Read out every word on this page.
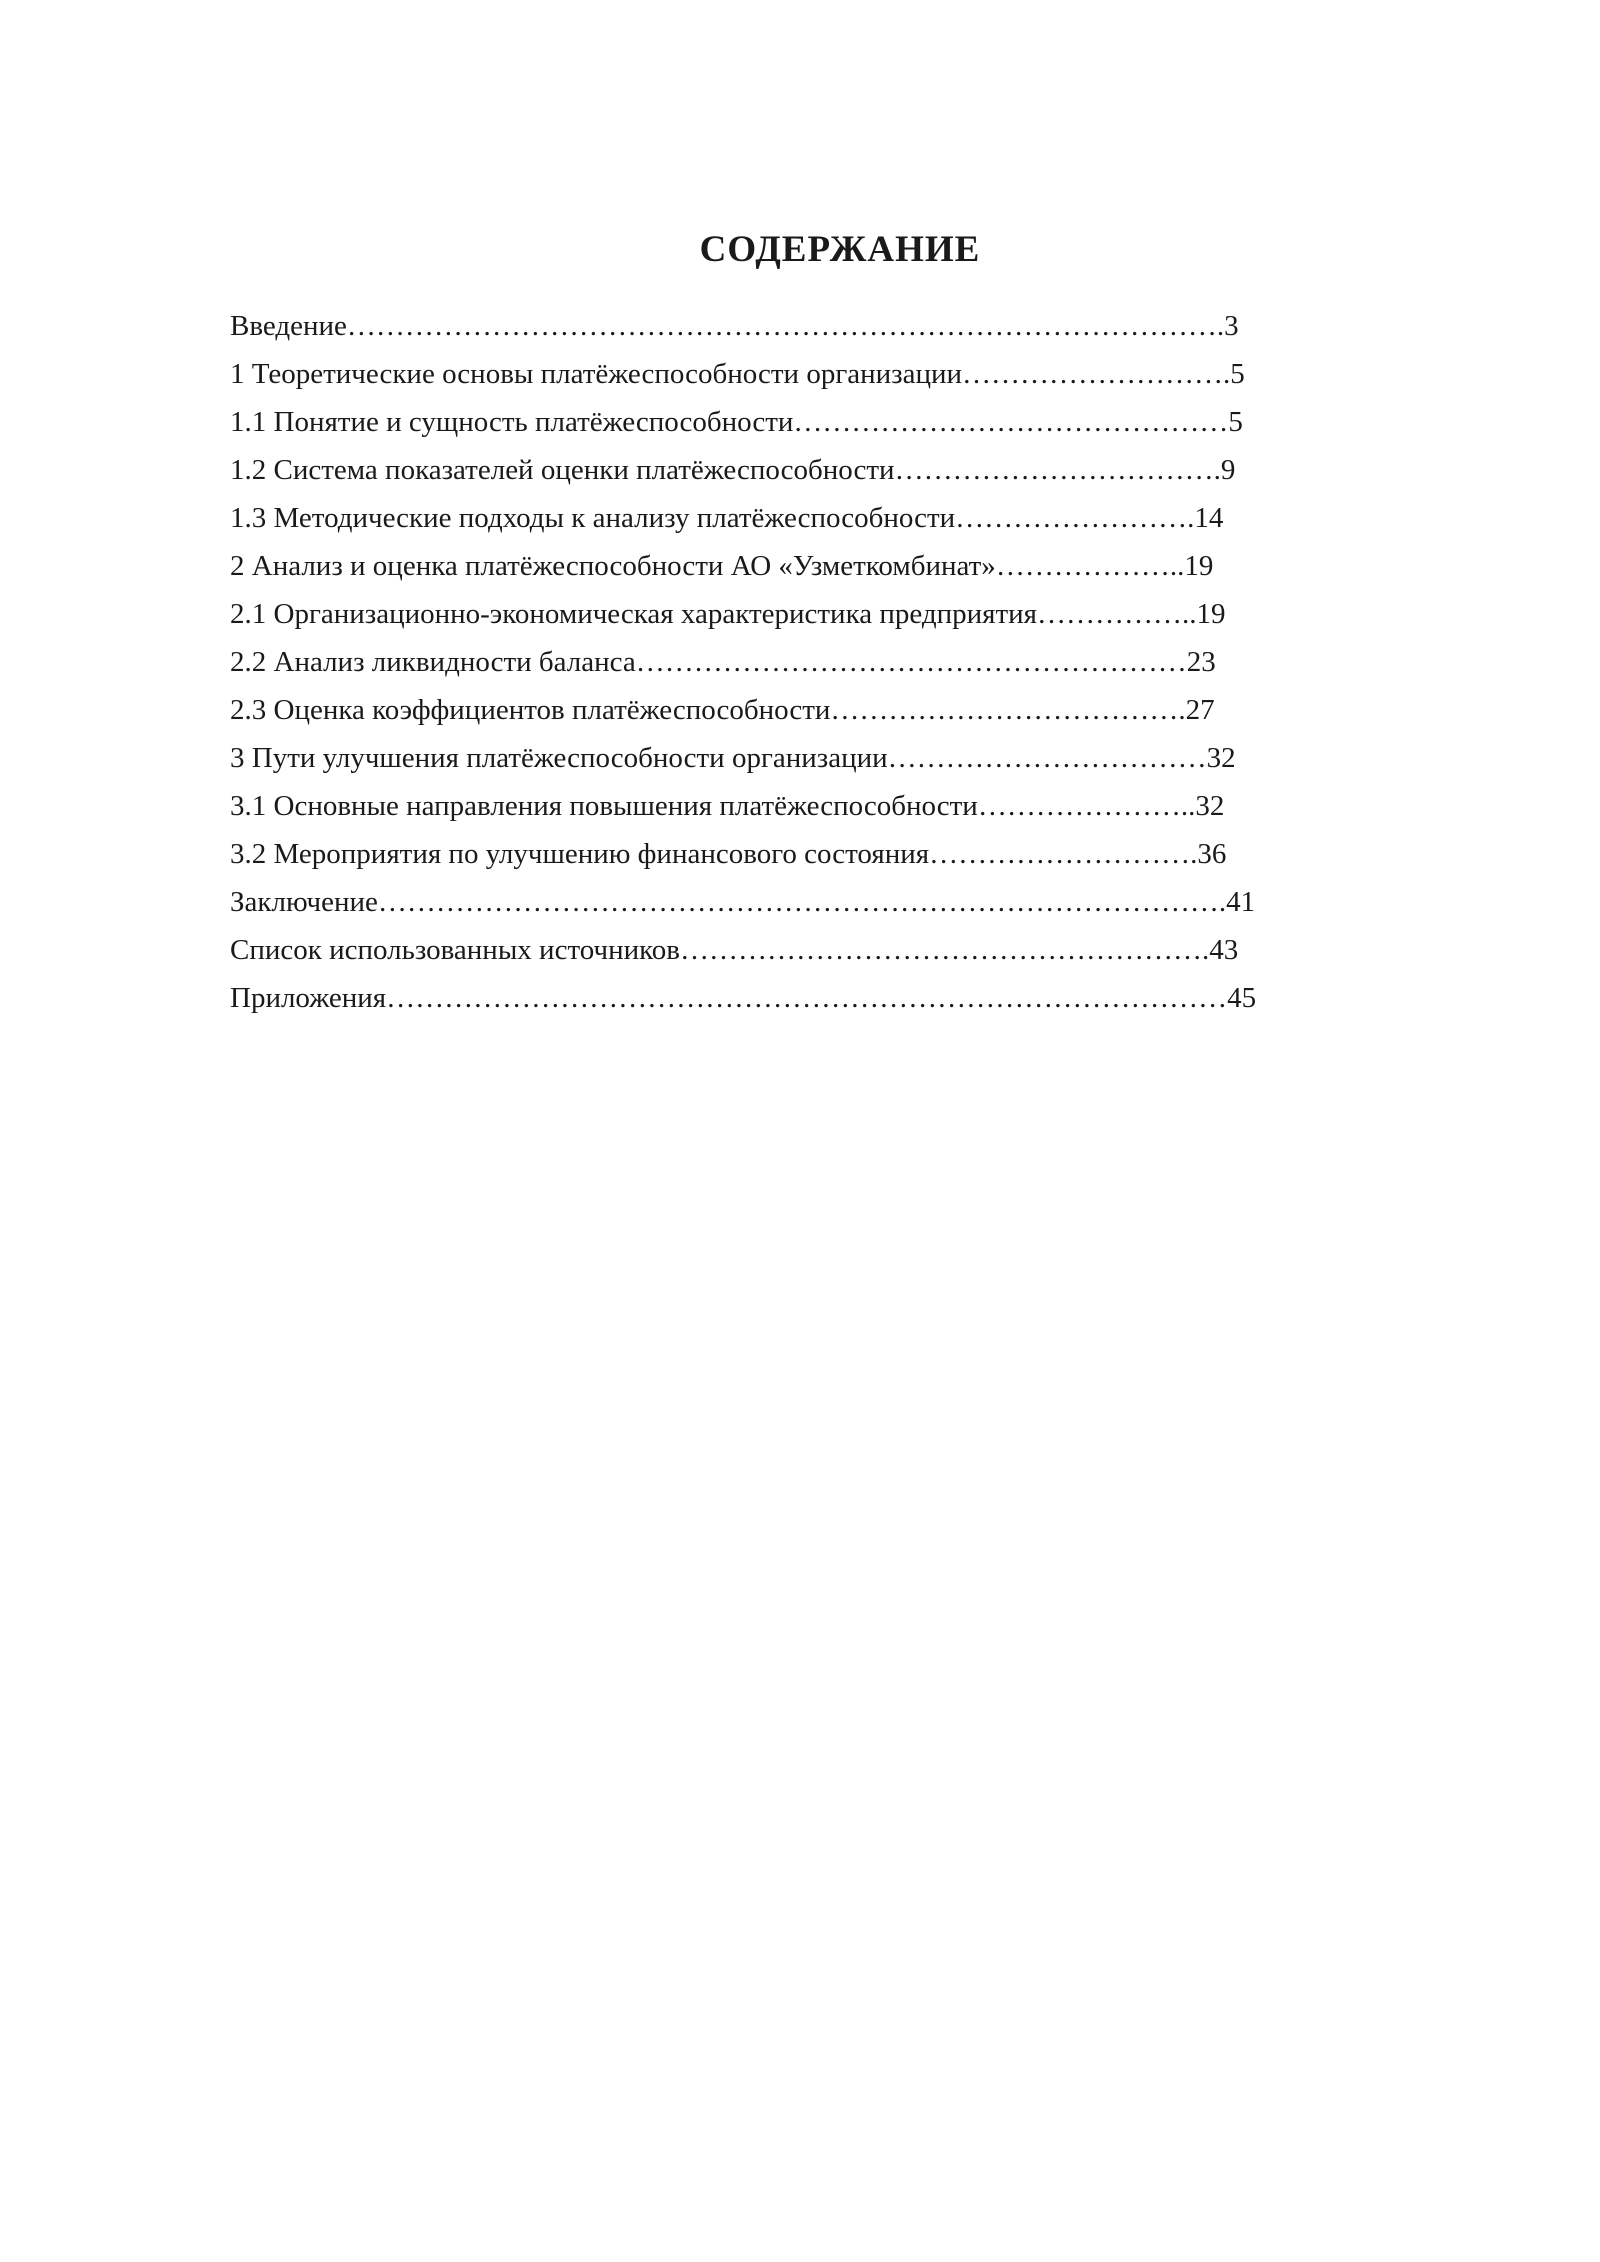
СОДЕРЖАНИЕ
Введение……………………………………………………………………………….3
1 Теоретические основы платёжеспособности организации……………………….5
1.1 Понятие и сущность платёжеспособности………………………………………5
1.2 Система показателей оценки платёжеспособности…………………………….9
1.3 Методические подходы к анализу платёжеспособности…………………….14
2 Анализ и оценка платёжеспособности АО «Узметкомбинат»………………..19
2.1 Организационно-экономическая характеристика предприятия……………..19
2.2 Анализ ликвидности баланса…………………………………………………23
2.3 Оценка коэффициентов платёжеспособности……………………………….27
3 Пути улучшения платёжеспособности организации……………………………32
3.1 Основные направления повышения платёжеспособности…………………..32
3.2 Мероприятия по улучшению финансового состояния……………………….36
Заключение…………………………………………………………………………….41
Список использованных источников……………………………………………….43
Приложения……………………………………………………………………………45
